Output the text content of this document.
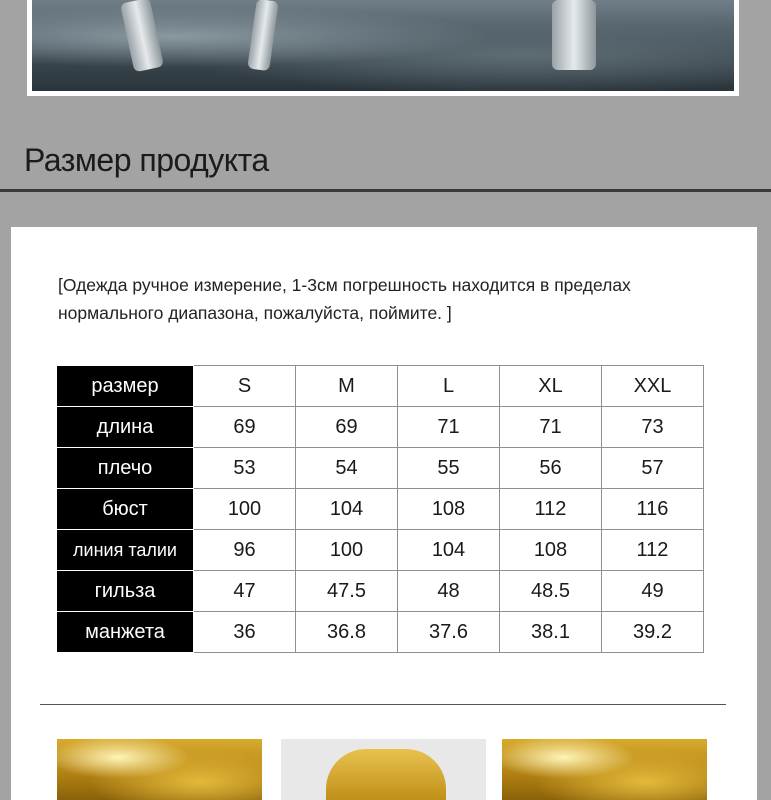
Размер продукта

[Одежда ручное измерение, 1-3см погрешность находится в пределах нормального диапазона, пожалуйста, поймите. ]

размер	S	M	L	XL	XXL
длина	69	69	71	71	73
плечо	53	54	55	56	57
бюст	100	104	108	112	116
линия талии	96	100	104	108	112
гильза	47	47.5	48	48.5	49
манжета	36	36.8	37.6	38.1	39.2
